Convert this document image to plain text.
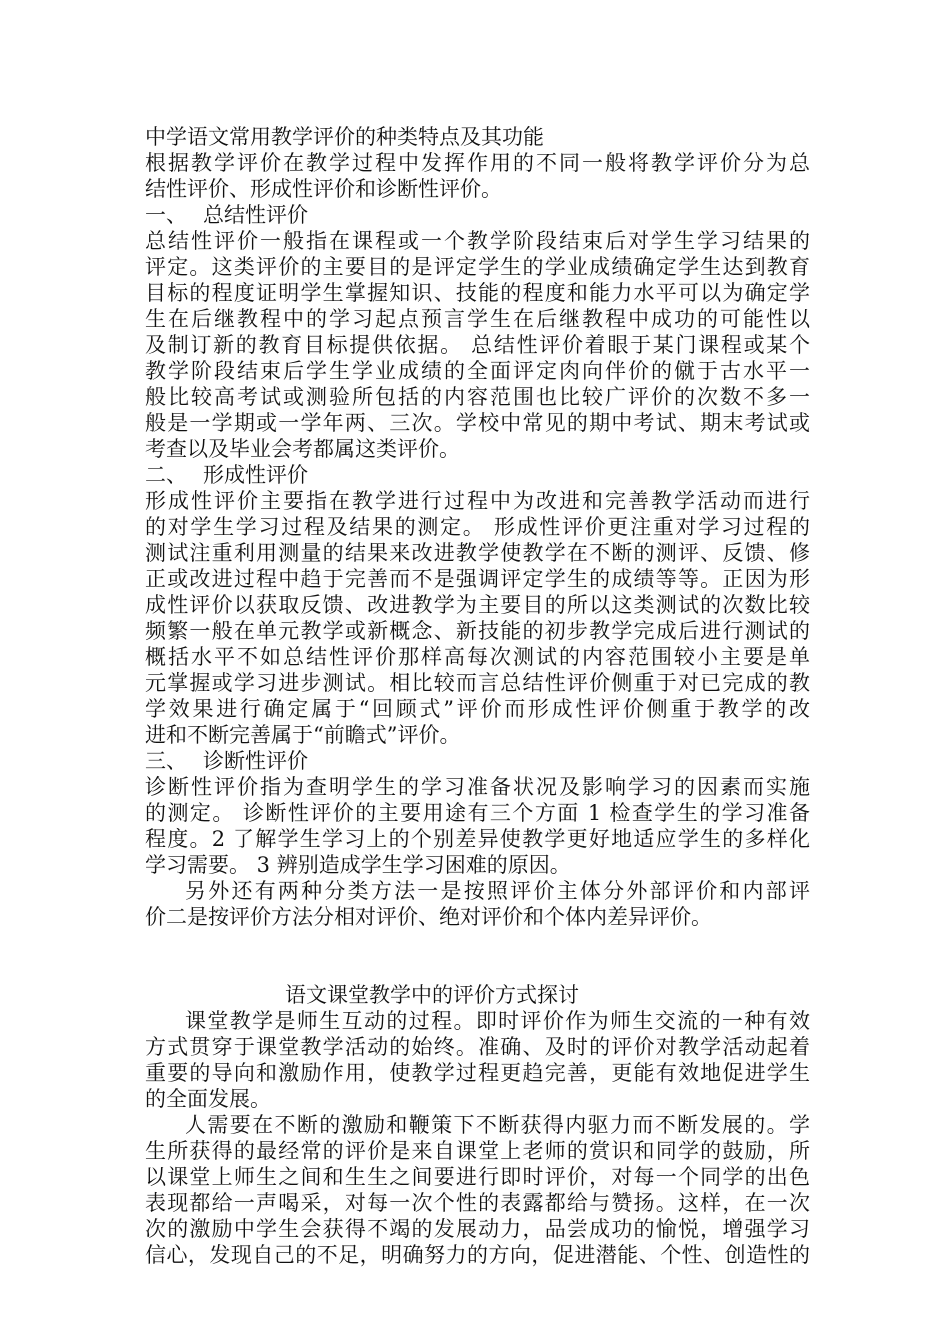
中学语文常用教学评价的种类特点及其功能
根据教学评价在教学过程中发挥作用的不同一般将教学评价分为总
结性评价、形成性评价和诊断性评价。
一、 总结性评价
总结性评价一般指在课程或一个教学阶段结束后对学生学习结果的
评定。这类评价的主要目的是评定学生的学业成绩确定学生达到教育
目标的程度证明学生掌握知识、技能的程度和能力水平可以为确定学
生在后继教程中的学习起点预言学生在后继教程中成功的可能性以
及制订新的教育目标提供依据。 总结性评价着眼于某门课程或某个
教学阶段结束后学生学业成绩的全面评定肉向伴价的僦于古水平一
般比较高考试或测验所包括的内容范围也比较广评价的次数不多一
般是一学期或一学年两、三次。学校中常见的期中考试、期末考试或
考查以及毕业会考都属这类评价。
二、 形成性评价
形成性评价主要指在教学进行过程中为改进和完善教学活动而进行
的对学生学习过程及结果的测定。 形成性评价更注重对学习过程的
测试注重利用测量的结果来改进教学使教学在不断的测评、反馈、修
正或改进过程中趋于完善而不是强调评定学生的成绩等等。正因为形
成性评价以获取反馈、改进教学为主要目的所以这类测试的次数比较
频繁一般在单元教学或新概念、新技能的初步教学完成后进行测试的
概括水平不如总结性评价那样高每次测试的内容范围较小主要是单
元掌握或学习进步测试。相比较而言总结性评价侧重于对已完成的教
学效果进行确定属于“回顾式”评价而形成性评价侧重于教学的改
进和不断完善属于“前瞻式”评价。
三、 诊断性评价
诊断性评价指为查明学生的学习准备状况及影响学习的因素而实施
的测定。 诊断性评价的主要用途有三个方面 1 检查学生的学习准备
程度。2 了解学生学习上的个别差异使教学更好地适应学生的多样化
学习需要。 3 辨别造成学生学习困难的原因。
另外还有两种分类方法一是按照评价主体分外部评价和内部评
价二是按评价方法分相对评价、绝对评价和个体内差异评价。
语文课堂教学中的评价方式探讨
课堂教学是师生互动的过程。即时评价作为师生交流的一种有效
方式贯穿于课堂教学活动的始终。准确、及时的评价对教学活动起着
重要的导向和激励作用，使教学过程更趋完善，更能有效地促进学生
的全面发展。
人需要在不断的激励和鞭策下不断获得内驱力而不断发展的。学
生所获得的最经常的评价是来自课堂上老师的赏识和同学的鼓励，所
以课堂上师生之间和生生之间要进行即时评价，对每一个同学的出色
表现都给一声喝采，对每一次个性的表露都给与赞扬。这样，在一次
次的激励中学生会获得不竭的发展动力，品尝成功的愉悦，增强学习
信心，发现自己的不足，明确努力的方向，促进潜能、个性、创造性的
